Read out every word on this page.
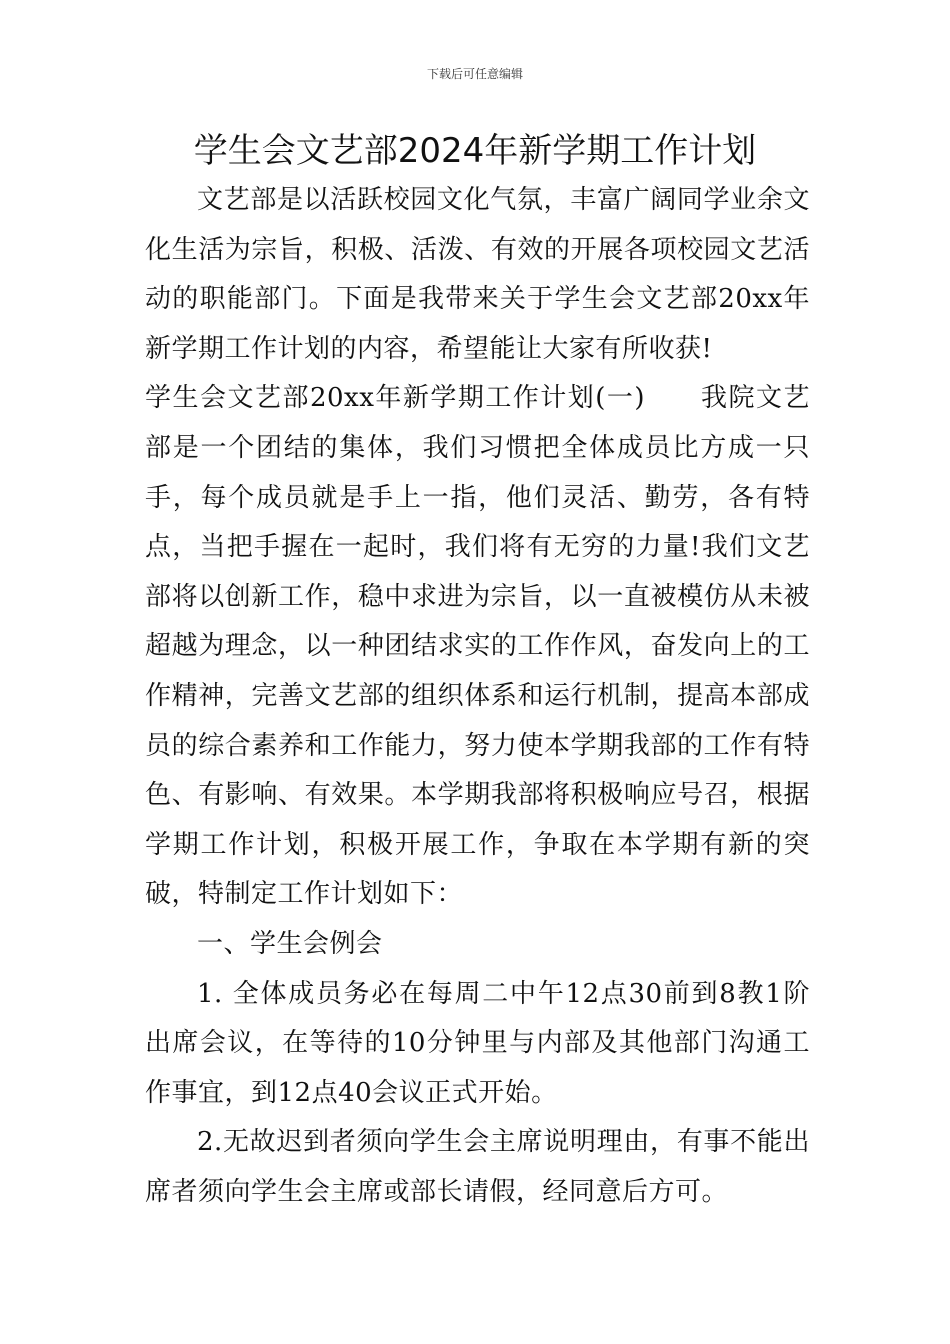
下载后可任意编辑
学生会文艺部2024年新学期工作计划

文艺部是以活跃校园文化气氛，丰富广阔同学业余文化生活为宗旨，积极、活泼、有效的开展各项校园文艺活动的职能部门。下面是我带来关于学生会文艺部20xx年新学期工作计划的内容，希望能让大家有所收获!

学生会文艺部20xx年新学期工作计划(一)　　我院文艺部是一个团结的集体，我们习惯把全体成员比方成一只手，每个成员就是手上一指，他们灵活、勤劳，各有特点，当把手握在一起时，我们将有无穷的力量!我们文艺部将以创新工作，稳中求进为宗旨，以一直被模仿从未被超越为理念，以一种团结求实的工作作风，奋发向上的工作精神，完善文艺部的组织体系和运行机制，提高本部成员的综合素养和工作能力，努力使本学期我部的工作有特色、有影响、有效果。本学期我部将积极响应号召，根据学期工作计划，积极开展工作，争取在本学期有新的突破，特制定工作计划如下：

一、学生会例会

1. 全体成员务必在每周二中午12点30前到8教1阶出席会议，在等待的10分钟里与内部及其他部门沟通工作事宜，到12点40会议正式开始。

2.无故迟到者须向学生会主席说明理由，有事不能出席者须向学生会主席或部长请假，经同意后方可。
